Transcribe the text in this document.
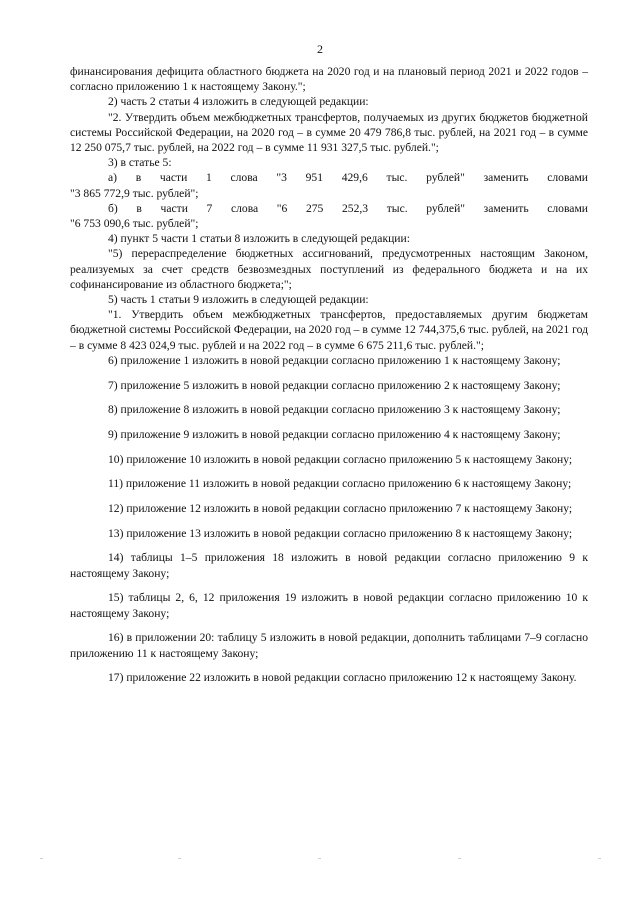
2

финансирования дефицита областного бюджета на 2020 год и на плановый период 2021 и 2022 годов – согласно приложению 1 к настоящему Закону.";

2) часть 2 статьи 4 изложить в следующей редакции:

"2. Утвердить объем межбюджетных трансфертов, получаемых из других бюджетов бюджетной системы Российской Федерации, на 2020 год – в сумме 20 479 786,8 тыс. рублей, на 2021 год – в сумме 12 250 075,7 тыс. рублей, на 2022 год – в сумме 11 931 327,5 тыс. рублей.";

3) в статье 5:

а) в части 1 слова "3 951 429,6 тыс. рублей" заменить словами

"3 865 772,9 тыс. рублей";

б) в части 7 слова "6 275 252,3 тыс. рублей" заменить словами

"6 753 090,6 тыс. рублей";

4) пункт 5 части 1 статьи 8 изложить в следующей редакции:

"5) перераспределение бюджетных ассигнований, предусмотренных настоящим Законом, реализуемых за счет средств безвозмездных поступлений из федерального бюджета и на их софинансирование из областного бюджета;";

5) часть 1 статьи 9 изложить в следующей редакции:

"1. Утвердить объем межбюджетных трансфертов, предоставляемых другим бюджетам бюджетной системы Российской Федерации, на 2020 год – в сумме 12 744,375,6 тыс. рублей, на 2021 год – в сумме 8 423 024,9 тыс. рублей и на 2022 год – в сумме 6 675 211,6 тыс. рублей.";

6) приложение 1 изложить в новой редакции согласно приложению 1 к настоящему Закону;

7) приложение 5 изложить в новой редакции согласно приложению 2 к настоящему Закону;

8) приложение 8 изложить в новой редакции согласно приложению 3 к настоящему Закону;

9) приложение 9 изложить в новой редакции согласно приложению 4 к настоящему Закону;

10) приложение 10 изложить в новой редакции согласно приложению 5 к настоящему Закону;

11) приложение 11 изложить в новой редакции согласно приложению 6 к настоящему Закону;

12) приложение 12 изложить в новой редакции согласно приложению 7 к настоящему Закону;

13) приложение 13 изложить в новой редакции согласно приложению 8 к настоящему Закону;

14) таблицы 1–5 приложения 18 изложить в новой редакции согласно приложению 9 к настоящему Закону;

15) таблицы 2, 6, 12 приложения 19 изложить в новой редакции согласно приложению 10 к настоящему Закону;

16) в приложении 20: таблицу 5 изложить в новой редакции, дополнить таблицами 7–9 согласно приложению 11 к настоящему Закону;

17) приложение 22 изложить в новой редакции согласно приложению 12 к настоящему Закону.
